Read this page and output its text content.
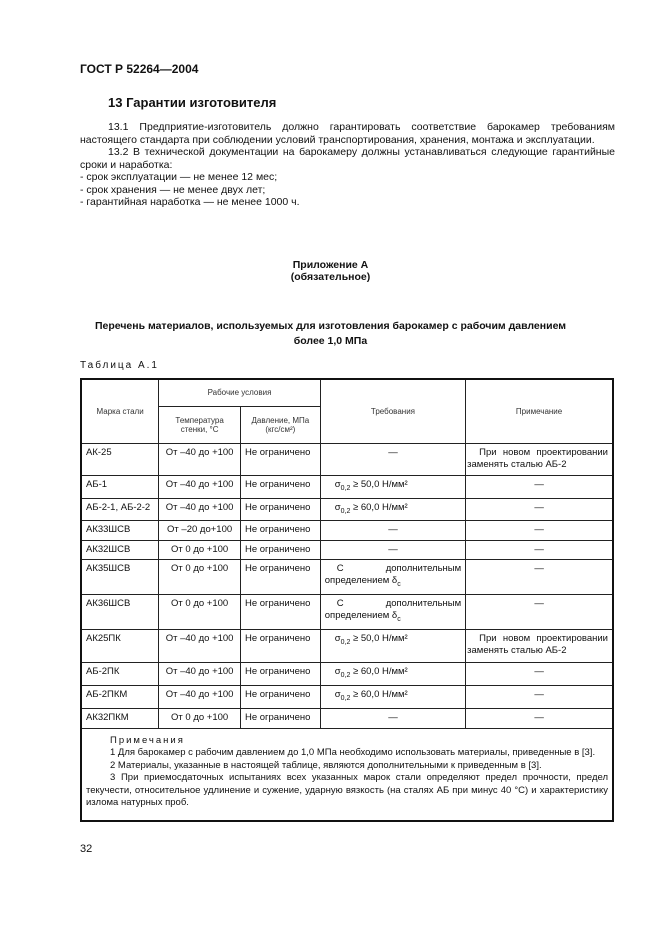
ГОСТ Р 52264—2004
13 Гарантии изготовителя
13.1 Предприятие-изготовитель должно гарантировать соответствие барокамер требованиям настоящего стандарта при соблюдении условий транспортирования, хранения, монтажа и эксплуатации.
13.2 В технической документации на барокамеру должны устанавливаться следующие гарантийные сроки и наработка:
- срок эксплуатации — не менее 12 мес;
- срок хранения — не менее двух лет;
- гарантийная наработка — не менее 1000 ч.
Приложение А
(обязательное)
Перечень материалов, используемых для изготовления барокамер с рабочим давлением
более 1,0 МПа
Таблица А.1
Марка стали	Рабочие условия		Требования	Примечание
	Температура стенки, °С	Давление, МПа (кгс/см²)		
АК-25	От –40 до +100	Не ограничено	—	При новом проектировании заменять сталью АБ-2
АБ-1	От –40 до +100	Не ограничено	$\sigma_{0,2} \ge 50,0$ Н/мм²	—
АБ-2-1, АБ-2-2	От –40 до +100	Не ограничено	$\sigma_{0,2} \ge 60,0$ Н/мм²	—
АК33ШСВ	От –20 до+100	Не ограничено	—	—
АК32ШСВ	От 0 до +100	Не ограничено	—	—
АК35ШСВ	От 0 до +100	Не ограничено	С дополнительным определением $\delta_с$	—
АК36ШСВ	От 0 до +100	Не ограничено	С дополнительным определением $\delta_с$	—
АК25ПК	От –40 до +100	Не ограничено	$\sigma_{0,2} \ge 50,0$ Н/мм²	При новом проектировании заменять сталью АБ-2
АБ-2ПК	От –40 до +100	Не ограничено	$\sigma_{0,2} \ge 60,0$ Н/мм²	—
АБ-2ПКМ	От –40 до +100	Не ограничено	$\sigma_{0,2} \ge 60,0$ Н/мм²	—
АК32ПКМ	От 0 до +100	Не ограничено	—	—

Примечания
1 Для барокамер с рабочим давлением до 1,0 МПа необходимо использовать материалы, приведенные в [3].
2 Материалы, указанные в настоящей таблице, являются дополнительными к приведенным в [3].
3 При приемосдаточных испытаниях всех указанных марок стали определяют предел прочности, предел текучести, относительное удлинение и сужение, ударную вязкость (на сталях АБ при минус 40 °С) и характеристику излома натурных проб.				
32
